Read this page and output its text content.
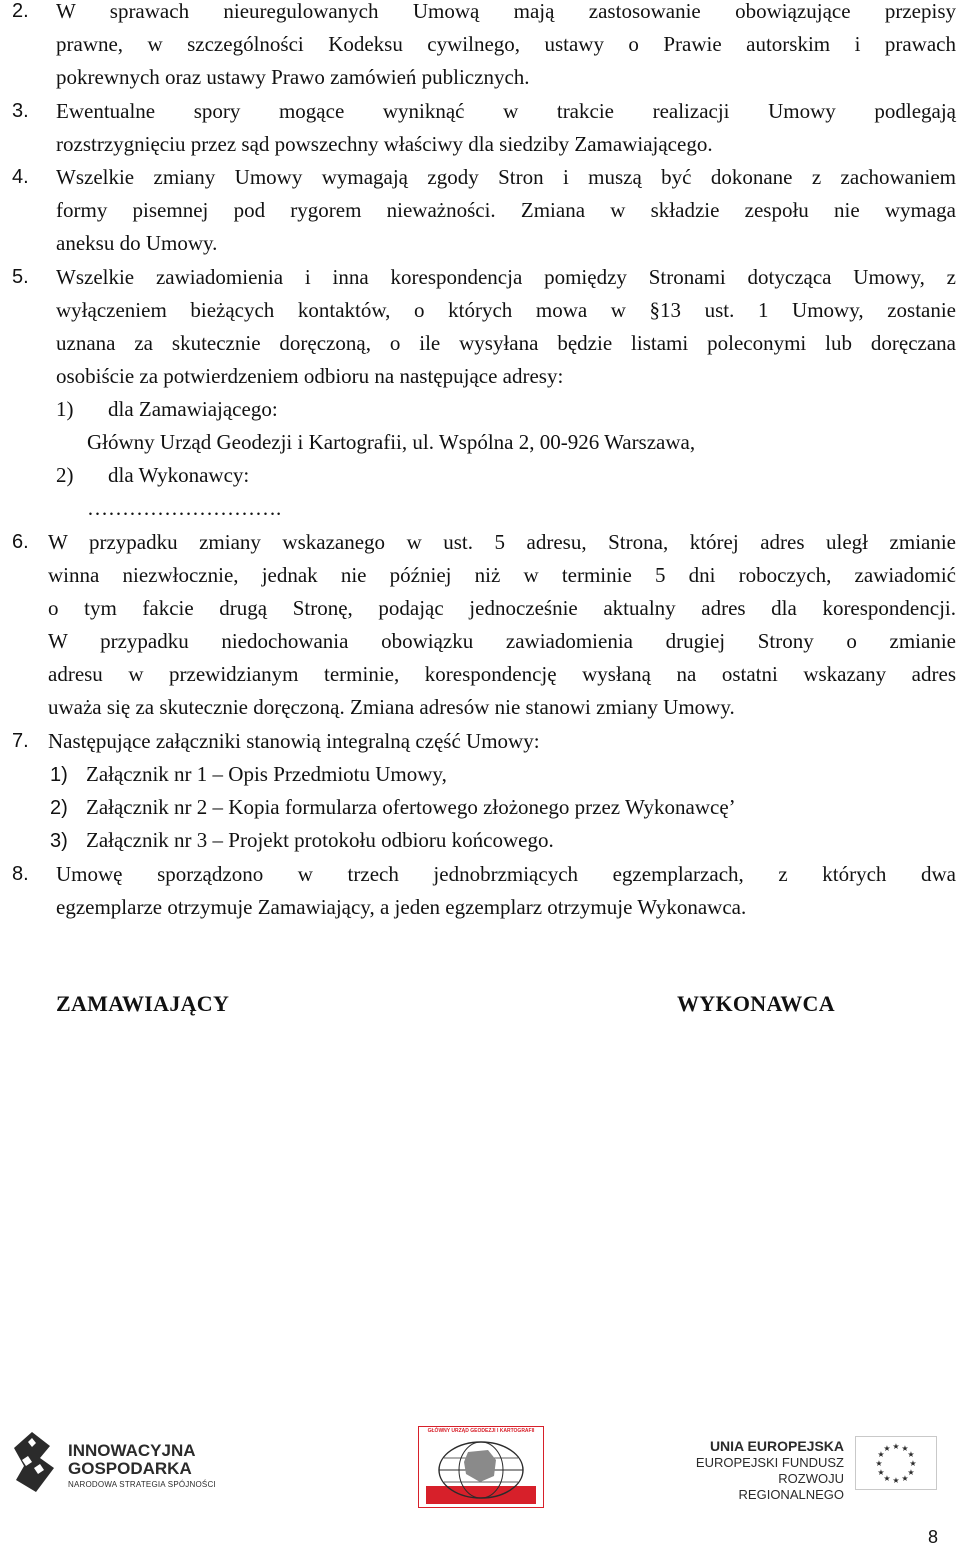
2. W sprawach nieuregulowanych Umową mają zastosowanie obowiązujące przepisy
prawne, w szczególności Kodeksu cywilnego, ustawy o Prawie autorskim i prawach
pokrewnych oraz ustawy Prawo zamówień publicznych.
3. Ewentualne spory mogące wyniknąć w trakcie realizacji Umowy podlegają
rozstrzygnięciu przez sąd powszechny właściwy dla siedziby Zamawiającego.
4. Wszelkie zmiany Umowy wymagają zgody Stron i muszą być dokonane z zachowaniem
formy pisemnej pod rygorem nieważności. Zmiana w składzie zespołu nie wymaga
aneksu do Umowy.
5. Wszelkie zawiadomienia i inna korespondencja pomiędzy Stronami dotycząca Umowy, z
wyłączeniem bieżących kontaktów, o których mowa w §13 ust. 1 Umowy, zostanie
uznana za skutecznie doręczoną, o ile wysyłana będzie listami poleconymi lub doręczana
osobiście za potwierdzeniem odbioru na następujące adresy:
1) dla Zamawiającego:
Główny Urząd Geodezji i Kartografii, ul. Wspólna 2, 00-926 Warszawa,
2) dla Wykonawcy:
……………………….
6. W przypadku zmiany wskazanego w ust. 5 adresu, Strona, której adres uległ zmianie
winna niezwłocznie, jednak nie później niż w terminie 5 dni roboczych, zawiadomić
o tym fakcie drugą Stronę, podając jednocześnie aktualny adres dla korespondencji.
W przypadku niedochowania obowiązku zawiadomienia drugiej Strony o zmianie
adresu w przewidzianym terminie, korespondencję wysłaną na ostatni wskazany adres
uważa się za skutecznie doręczoną. Zmiana adresów nie stanowi zmiany Umowy.
7. Następujące załączniki stanowią integralną część Umowy:
1) Załącznik nr 1 – Opis Przedmiotu Umowy,
2) Załącznik nr 2 – Kopia formularza ofertowego złożonego przez Wykonawcę’
3) Załącznik nr 3 – Projekt protokołu odbioru końcowego.
8. Umowę sporządzono w trzech jednobrzmiących egzemplarzach, z których dwa
egzemplarze otrzymuje Zamawiający, a jeden egzemplarz otrzymuje Wykonawca.
ZAMAWIAJĄCY	WYKONAWCA
INNOWACYJNA
GOSPODARKA
NARODOWA STRATEGIA SPÓJNOŚCI
GŁÓWNY URZĄD GEODEZJI I KARTOGRAFII
UNIA EUROPEJSKA
EUROPEJSKI FUNDUSZ
ROZWOJU REGIONALNEGO
★ ★
★
★
★
★
★
★
★
★
★
★
8
